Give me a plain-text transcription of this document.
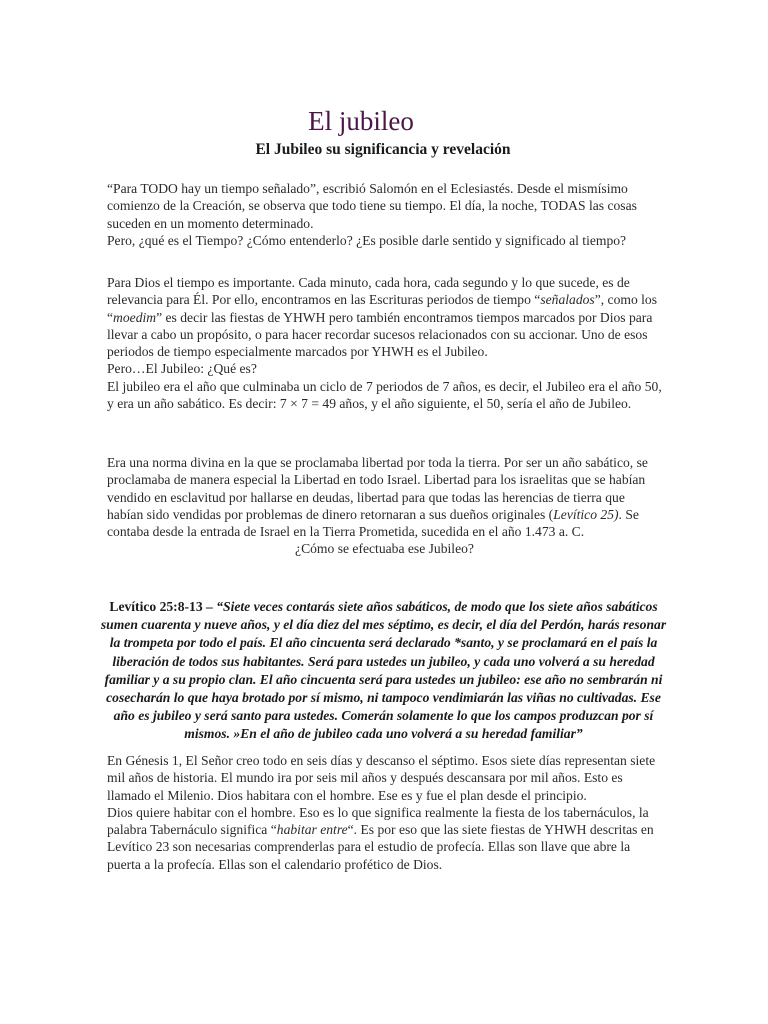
El jubileo
El Jubileo su significancia y revelación

“Para TODO hay un tiempo señalado”, escribió Salomón en el Eclesiastés. Desde el mismísimo comienzo de la Creación, se observa que todo tiene su tiempo. El día, la noche, TODAS las cosas suceden en un momento determinado.

Pero, ¿qué es el Tiempo? ¿Cómo entenderlo? ¿Es posible darle sentido y significado al tiempo?

Para Dios el tiempo es importante. Cada minuto, cada hora, cada segundo y lo que sucede, es de relevancia para Él. Por ello, encontramos en las Escrituras periodos de tiempo “señalados”, como los “moedim” es decir las fiestas de YHWH pero también encontramos tiempos marcados por Dios para llevar a cabo un propósito, o para hacer recordar sucesos relacionados con su accionar. Uno de esos periodos de tiempo especialmente marcados por YHWH es el Jubileo.

Pero…El Jubileo: ¿Qué es?

El jubileo era el año que culminaba un ciclo de 7 periodos de 7 años, es decir, el Jubileo era el año 50, y era un año sabático. Es decir: 7 × 7 = 49 años, y el año siguiente, el 50, sería el año de Jubileo.

Era una norma divina en la que se proclamaba libertad por toda la tierra. Por ser un año sabático, se proclamaba de manera especial la Libertad en todo Israel. Libertad para los israelitas que se habían vendido en esclavitud por hallarse en deudas, libertad para que todas las herencias de tierra que habían sido vendidas por problemas de dinero retornaran a sus dueños originales (Levítico 25). Se contaba desde la entrada de Israel en la Tierra Prometida, sucedida en el año 1.473 a. C.

¿Cómo se efectuaba ese Jubileo?

Levítico 25:8-13 – “Siete veces contarás siete años sabáticos, de modo que los siete años sabáticos sumen cuarenta y nueve años, y el día diez del mes séptimo, es decir, el día del Perdón, harás resonar la trompeta por todo el país. El año cincuenta será declarado *santo, y se proclamará en el país la liberación de todos sus habitantes. Será para ustedes un jubileo, y cada uno volverá a su heredad familiar y a su propio clan. El año cincuenta será para ustedes un jubileo: ese año no sembrarán ni cosecharán lo que haya brotado por sí mismo, ni tampoco vendimiarán las viñas no cultivadas. Ese año es jubileo y será santo para ustedes. Comerán solamente lo que los campos produzcan por sí mismos. »En el año de jubileo cada uno volverá a su heredad familiar”

En Génesis 1, El Señor creo todo en seis días y descanso el séptimo. Esos siete días representan siete mil años de historia. El mundo ira por seis mil años y después descansara por mil años. Esto es llamado el Milenio. Dios habitara con el hombre. Ese es y fue el plan desde el principio.

Dios quiere habitar con el hombre. Eso es lo que significa realmente la fiesta de los tabernáculos, la palabra Tabernáculo significa “habitar entre“. Es por eso que las siete fiestas de YHWH descritas en Levítico 23 son necesarias comprenderlas para el estudio de profecía. Ellas son llave que abre la puerta a la profecía. Ellas son el calendario profético de Dios.
